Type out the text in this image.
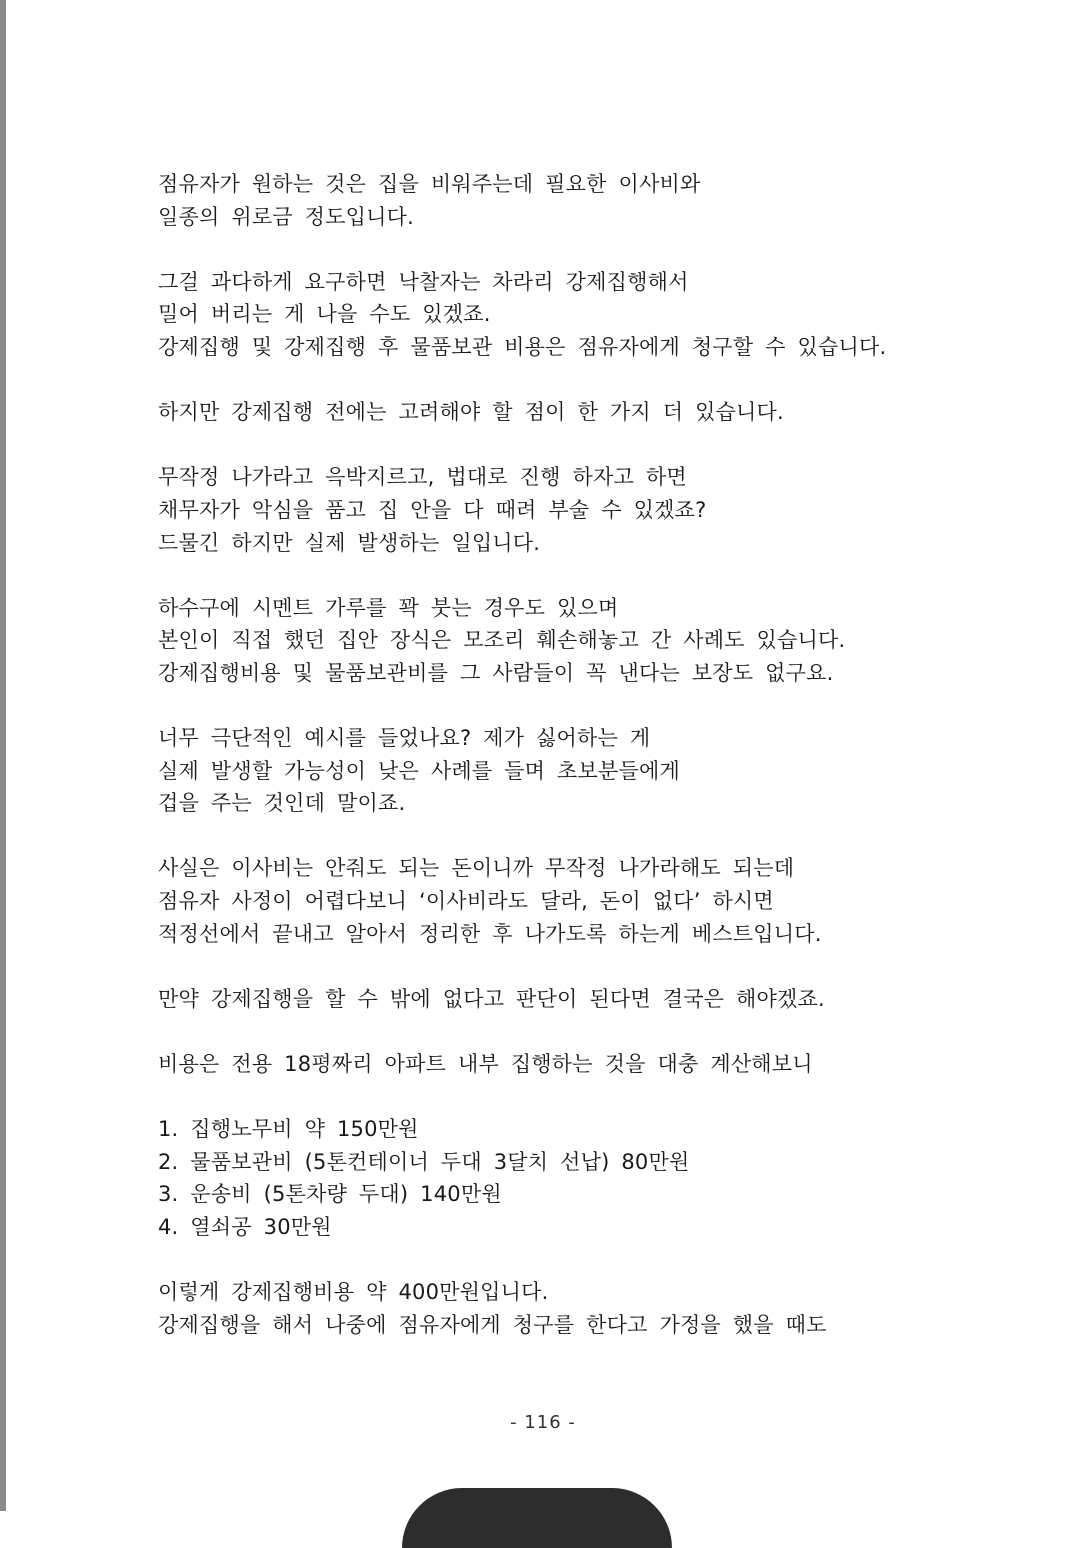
점유자가 원하는 것은 집을 비워주는데 필요한 이사비와
일종의 위로금 정도입니다.
그걸 과다하게 요구하면 낙찰자는 차라리 강제집행해서
밀어 버리는 게 나을 수도 있겠죠.
강제집행 및 강제집행 후 물품보관 비용은 점유자에게 청구할 수 있습니다.
하지만 강제집행 전에는 고려해야 할 점이 한 가지 더 있습니다.
무작정 나가라고 윽박지르고, 법대로 진행 하자고 하면
채무자가 악심을 품고 집 안을 다 때려 부술 수 있겠죠?
드물긴 하지만 실제 발생하는 일입니다.
하수구에 시멘트 가루를 꽉 붓는 경우도 있으며
본인이 직접 했던 집안 장식은 모조리 훼손해놓고 간 사례도 있습니다.
강제집행비용 및 물품보관비를 그 사람들이 꼭 낸다는 보장도 없구요.
너무 극단적인 예시를 들었나요? 제가 싫어하는 게
실제 발생할 가능성이 낮은 사례를 들며 초보분들에게
겁을 주는 것인데 말이죠.
사실은 이사비는 안줘도 되는 돈이니까 무작정 나가라해도 되는데
점유자 사정이 어렵다보니 ‘이사비라도 달라, 돈이 없다’ 하시면
적정선에서 끝내고 알아서 정리한 후 나가도록 하는게 베스트입니다.
만약 강제집행을 할 수 밖에 없다고 판단이 된다면 결국은 해야겠죠.
비용은 전용 18평짜리 아파트 내부 집행하는 것을 대충 계산해보니
1. 집행노무비 약 150만원
2. 물품보관비 (5톤컨테이너 두대 3달치 선납) 80만원
3. 운송비 (5톤차량 두대) 140만원
4. 열쇠공 30만원
이렇게 강제집행비용 약 400만원입니다.
강제집행을 해서 나중에 점유자에게 청구를 한다고 가정을 했을 때도
- 116 -
